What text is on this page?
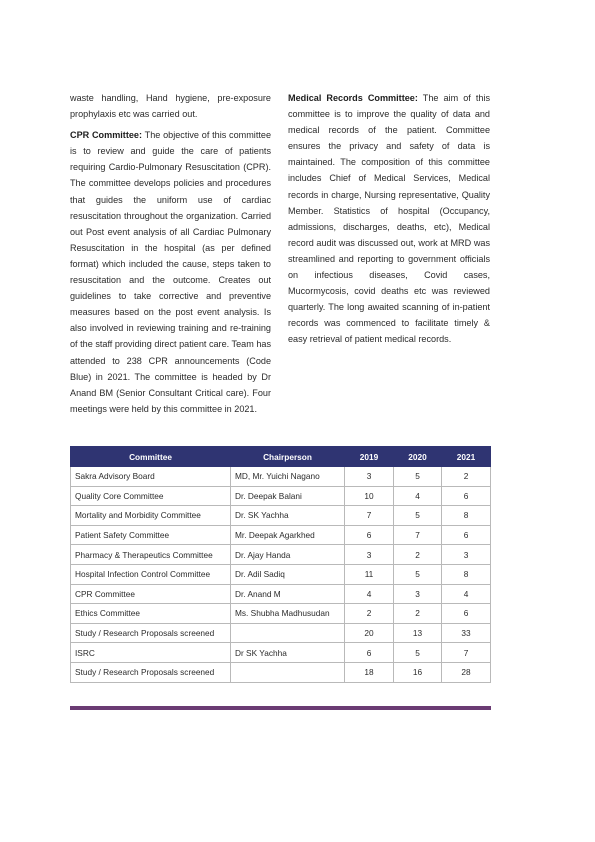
waste handling, Hand hygiene, pre-exposure prophylaxis etc was carried out.

CPR Committee: The objective of this committee is to review and guide the care of patients requiring Cardio-Pulmonary Resuscitation (CPR). The committee develops policies and procedures that guides the uniform use of cardiac resuscitation throughout the organization. Carried out Post event analysis of all Cardiac Pulmonary Resuscitation in the hospital (as per defined format) which included the cause, steps taken to resuscitation and the outcome. Creates out guidelines to take corrective and preventive measures based on the post event analysis. Is also involved in reviewing training and re-training of the staff providing direct patient care. Team has attended to 238 CPR announcements (Code Blue) in 2021. The committee is headed by Dr Anand BM (Senior Consultant Critical care). Four meetings were held by this committee in 2021.

Medical Records Committee: The aim of this committee is to improve the quality of data and medical records of the patient. Committee ensures the privacy and safety of data is maintained. The composition of this committee includes Chief of Medical Services, Medical records in charge, Nursing representative, Quality Member. Statistics of hospital (Occupancy, admissions, discharges, deaths, etc), Medical record audit was discussed out, work at MRD was streamlined and reporting to government officials on infectious diseases, Covid cases, Mucormycosis, covid deaths etc was reviewed quarterly. The long awaited scanning of in-patient records was commenced to facilitate timely & easy retrieval of patient medical records.

Committee	Chairperson	2019	2020	2021
Sakra Advisory Board	MD, Mr. Yuichi Nagano	3	5	2
Quality Core Committee	Dr. Deepak Balani	10	4	6
Mortality and Morbidity Committee	Dr. SK Yachha	7	5	8
Patient Safety Committee	Mr. Deepak Agarkhed	6	7	6
Pharmacy & Therapeutics Committee	Dr. Ajay Handa	3	2	3
Hospital Infection Control Committee	Dr. Adil Sadiq	11	5	8
CPR Committee	Dr. Anand M	4	3	4
Ethics Committee	Ms. Shubha Madhusudan	2	2	6
Study / Research Proposals screened		20	13	33
ISRC	Dr SK Yachha	6	5	7
Study / Research Proposals screened		18	16	28
